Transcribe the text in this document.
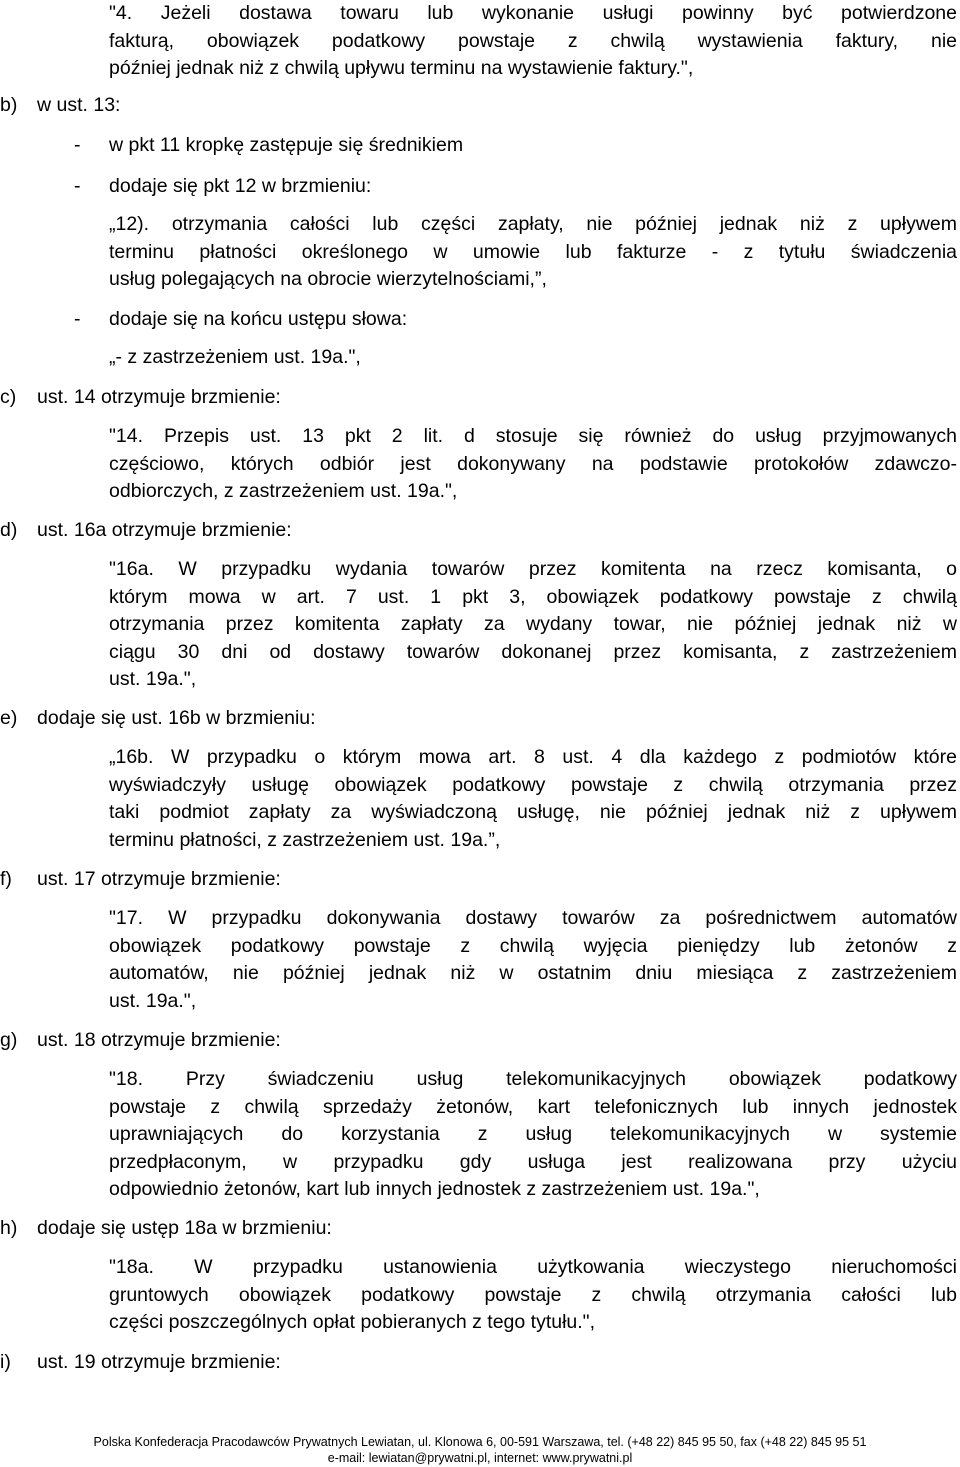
"4. Jeżeli dostawa towaru lub wykonanie usługi powinny być potwierdzone
fakturą, obowiązek podatkowy powstaje z chwilą wystawienia faktury, nie
później jednak niż z chwilą upływu terminu na wystawienie faktury.",
b) w ust. 13:
- w pkt 11 kropkę zastępuje się średnikiem
- dodaje się pkt 12 w brzmieniu:
„12). otrzymania całości lub części zapłaty, nie później jednak niż z upływem
terminu płatności określonego w umowie lub fakturze - z tytułu świadczenia
usług polegających na obrocie wierzytelnościami,”,
- dodaje się na końcu ustępu słowa:
„- z zastrzeżeniem ust. 19a.",
c) ust. 14 otrzymuje brzmienie:
"14. Przepis ust. 13 pkt 2 lit. d stosuje się również do usług przyjmowanych
częściowo, których odbiór jest dokonywany na podstawie protokołów zdawczo-
odbiorczych, z zastrzeżeniem ust. 19a.",
d) ust. 16a otrzymuje brzmienie:
"16a. W przypadku wydania towarów przez komitenta na rzecz komisanta, o
którym mowa w art. 7 ust. 1 pkt 3, obowiązek podatkowy powstaje z chwilą
otrzymania przez komitenta zapłaty za wydany towar, nie później jednak niż w
ciągu 30 dni od dostawy towarów dokonanej przez komisanta, z zastrzeżeniem
ust. 19a.",
e) dodaje się ust. 16b w brzmieniu:
„16b. W przypadku o którym mowa art. 8 ust. 4 dla każdego z podmiotów które
wyświadczyły usługę obowiązek podatkowy powstaje z chwilą otrzymania przez
taki podmiot zapłaty za wyświadczoną usługę, nie później jednak niż z upływem
terminu płatności, z zastrzeżeniem ust. 19a.”,
f) ust. 17 otrzymuje brzmienie:
"17. W przypadku dokonywania dostawy towarów za pośrednictwem automatów
obowiązek podatkowy powstaje z chwilą wyjęcia pieniędzy lub żetonów z
automatów, nie później jednak niż w ostatnim dniu miesiąca z zastrzeżeniem
ust. 19a.",
g) ust. 18 otrzymuje brzmienie:
"18. Przy świadczeniu usług telekomunikacyjnych obowiązek podatkowy
powstaje z chwilą sprzedaży żetonów, kart telefonicznych lub innych jednostek
uprawniających do korzystania z usług telekomunikacyjnych w systemie
przedpłaconym, w przypadku gdy usługa jest realizowana przy użyciu
odpowiednio żetonów, kart lub innych jednostek z zastrzeżeniem ust. 19a.",
h) dodaje się ustęp 18a w brzmieniu:
"18a. W przypadku ustanowienia użytkowania wieczystego nieruchomości
gruntowych obowiązek podatkowy powstaje z chwilą otrzymania całości lub
części poszczególnych opłat pobieranych z tego tytułu.",
i) ust. 19 otrzymuje brzmienie:
Polska Konfederacja Pracodawców Prywatnych Lewiatan, ul. Klonowa 6, 00-591 Warszawa, tel. (+48 22) 845 95 50, fax (+48 22) 845 95 51
e-mail: lewiatan@prywatni.pl, internet: www.prywatni.pl
